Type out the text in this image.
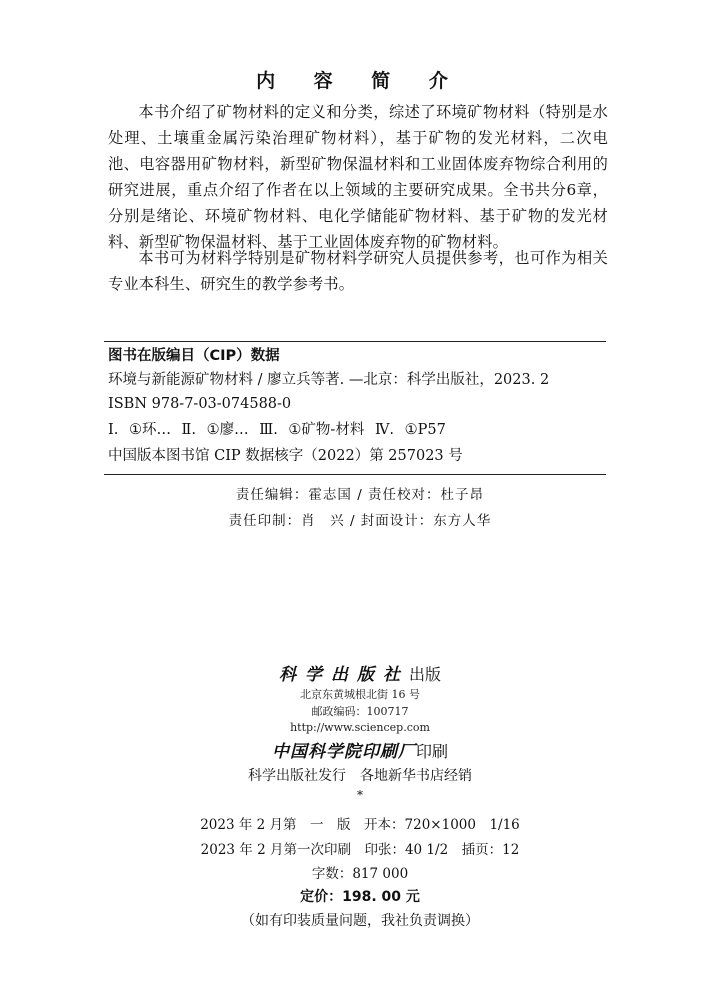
内 容 简 介

本书介绍了矿物材料的定义和分类，综述了环境矿物材料（特别是水处理、土壤重金属污染治理矿物材料），基于矿物的发光材料，二次电池、电容器用矿物材料，新型矿物保温材料和工业固体废弃物综合利用的研究进展，重点介绍了作者在以上领域的主要研究成果。全书共分6章，分别是绪论、环境矿物材料、电化学储能矿物材料、基于矿物的发光材料、新型矿物保温材料、基于工业固体废弃物的矿物材料。

本书可为材料学特别是矿物材料学研究人员提供参考，也可作为相关专业本科生、研究生的教学参考书。

图书在版编目（CIP）数据
环境与新能源矿物材料 / 廖立兵等著. —北京：科学出版社，2023. 2
ISBN 978-7-03-074588-0
Ⅰ. ①环… Ⅱ. ①廖… Ⅲ. ①矿物-材料 Ⅳ. ①P57
中国版本图书馆 CIP 数据核字（2022）第 257023 号
责任编辑：霍志国 / 责任校对：杜子昂
责任印制：肖　兴 / 封面设计：东方人华
科学出版社出版
北京东黄城根北街 16 号
邮政编码：100717
http://www.sciencep.com
中国科学院印刷厂印刷
科学出版社发行　各地新华书店经销
*
2023 年 2 月第　一　版　开本：720×1000　1/16
2023 年 2 月第一次印刷　印张：40 1/2　插页：12
字数：817 000
定价：198. 00 元
（如有印装质量问题，我社负责调换）
